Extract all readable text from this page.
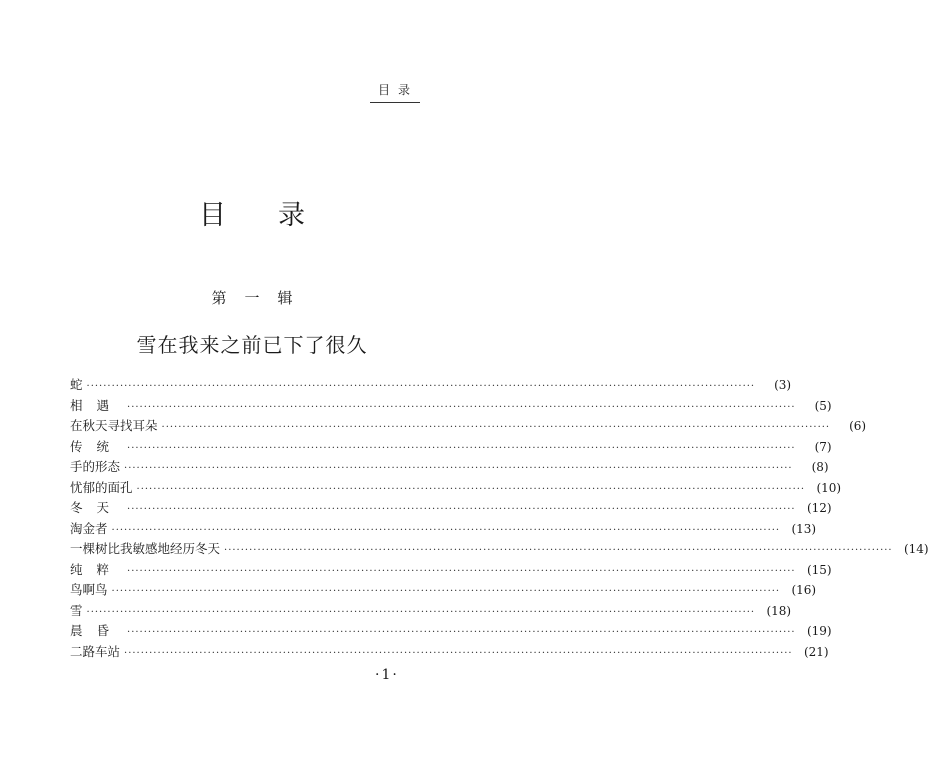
目录
目录
第一辑
雪在我来之前已下了很久
蛇 ································································································································································	(3)
相遇 ································································································································································	(5)
在秋天寻找耳朵 ································································································································································	(6)
传统 ································································································································································	(7)
手的形态 ································································································································································	(8)
忧郁的面孔 ································································································································································ (10)
冬天 ································································································································································ (12)
淘金者 ································································································································································ (13)
一棵树比我敏感地经历冬天 ································································································································································ (14)
纯粹 ································································································································································ (15)
鸟啊鸟 ································································································································································ (16)
雪 ································································································································································ (18)
晨昏 ································································································································································ (19)
二路车站 ································································································································································ (21)
·1·
